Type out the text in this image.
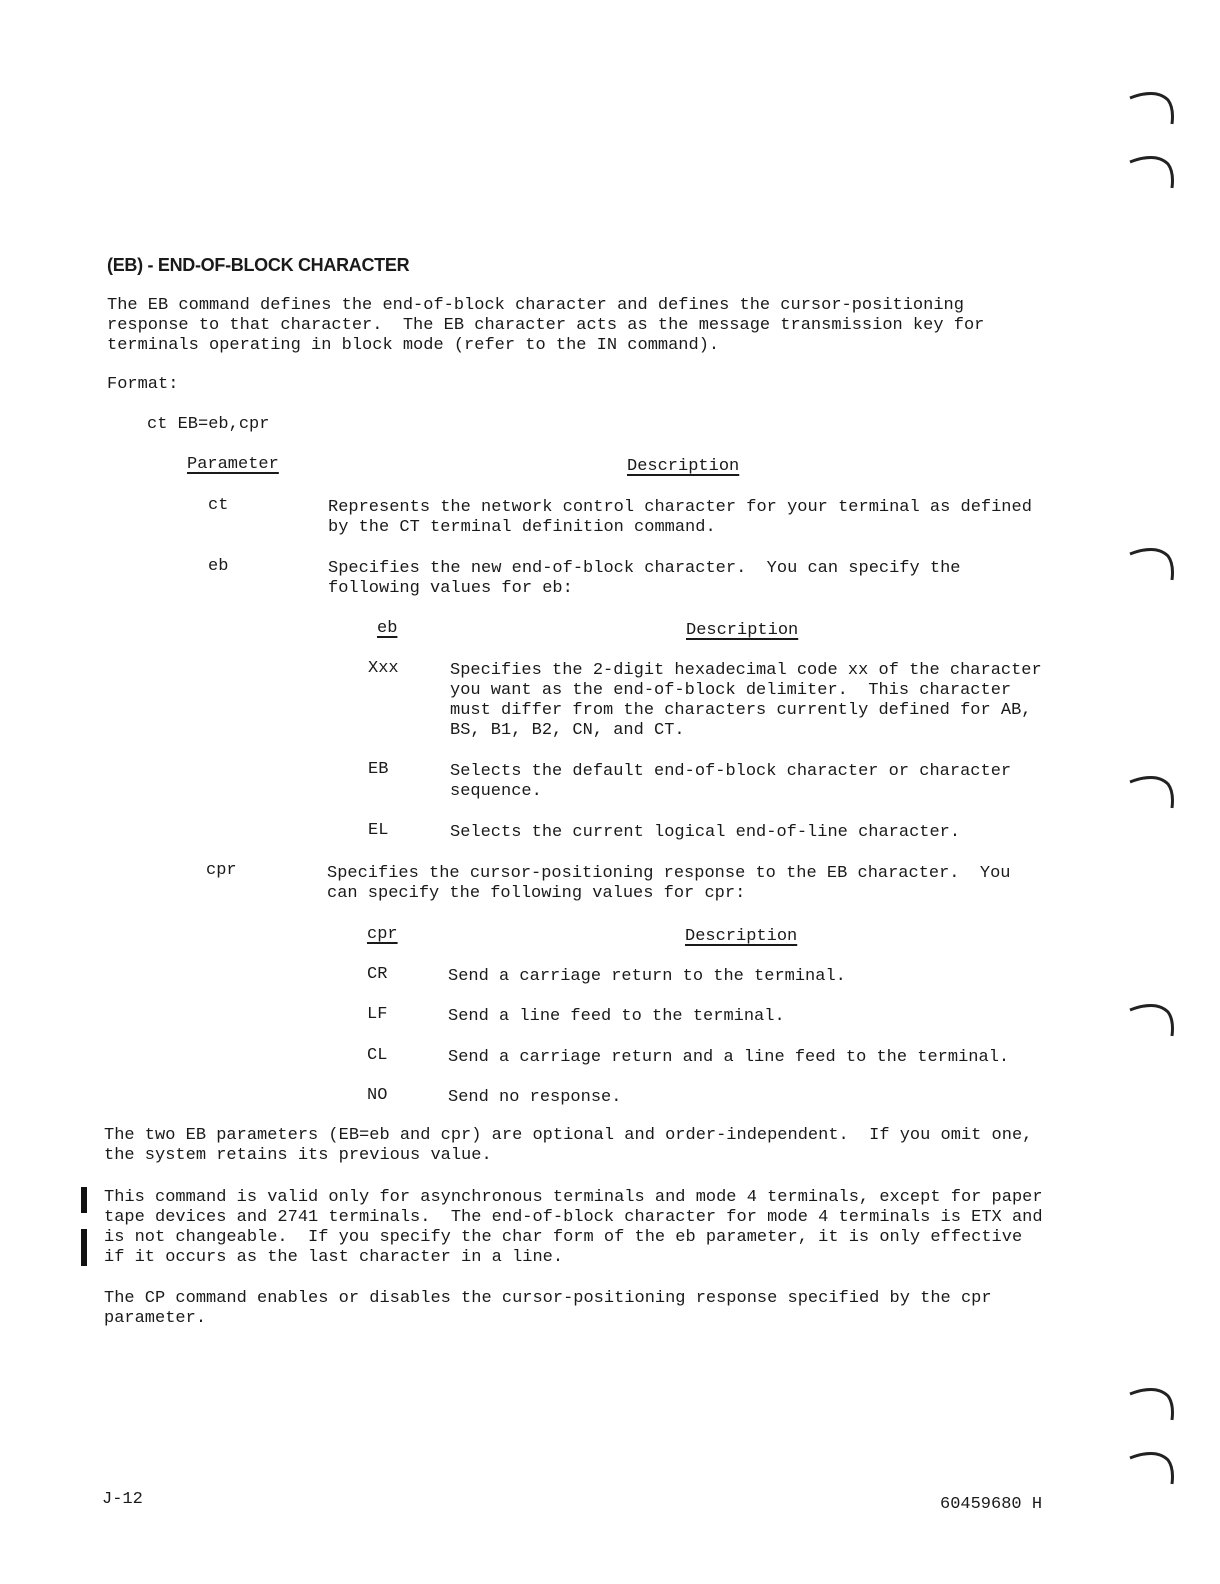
(EB) - END-OF-BLOCK CHARACTER
The EB command defines the end-of-block character and defines the cursor-positioning
response to that character.  The EB character acts as the message transmission key for
terminals operating in block mode (refer to the IN command).
Format:
ct EB=eb,cpr
Parameter	Description
ct	Represents the network control character for your terminal as defined
by the CT terminal definition command.
eb	Specifies the new end-of-block character.  You can specify the
following values for eb:
eb	Description
Xxx	Specifies the 2-digit hexadecimal code xx of the character
you want as the end-of-block delimiter.  This character
must differ from the characters currently defined for AB,
BS, B1, B2, CN, and CT.
EB	Selects the default end-of-block character or character
sequence.
EL	Selects the current logical end-of-line character.
cpr	Specifies the cursor-positioning response to the EB character.  You
can specify the following values for cpr:
cpr	Description
CR	Send a carriage return to the terminal.
LF	Send a line feed to the terminal.
CL	Send a carriage return and a line feed to the terminal.
NO	Send no response.
The two EB parameters (EB=eb and cpr) are optional and order-independent.  If you omit one,
the system retains its previous value.
This command is valid only for asynchronous terminals and mode 4 terminals, except for paper
tape devices and 2741 terminals.  The end-of-block character for mode 4 terminals is ETX and
is not changeable.  If you specify the char form of the eb parameter, it is only effective
if it occurs as the last character in a line.
The CP command enables or disables the cursor-positioning response specified by the cpr
parameter.
J-12	60459680 H
